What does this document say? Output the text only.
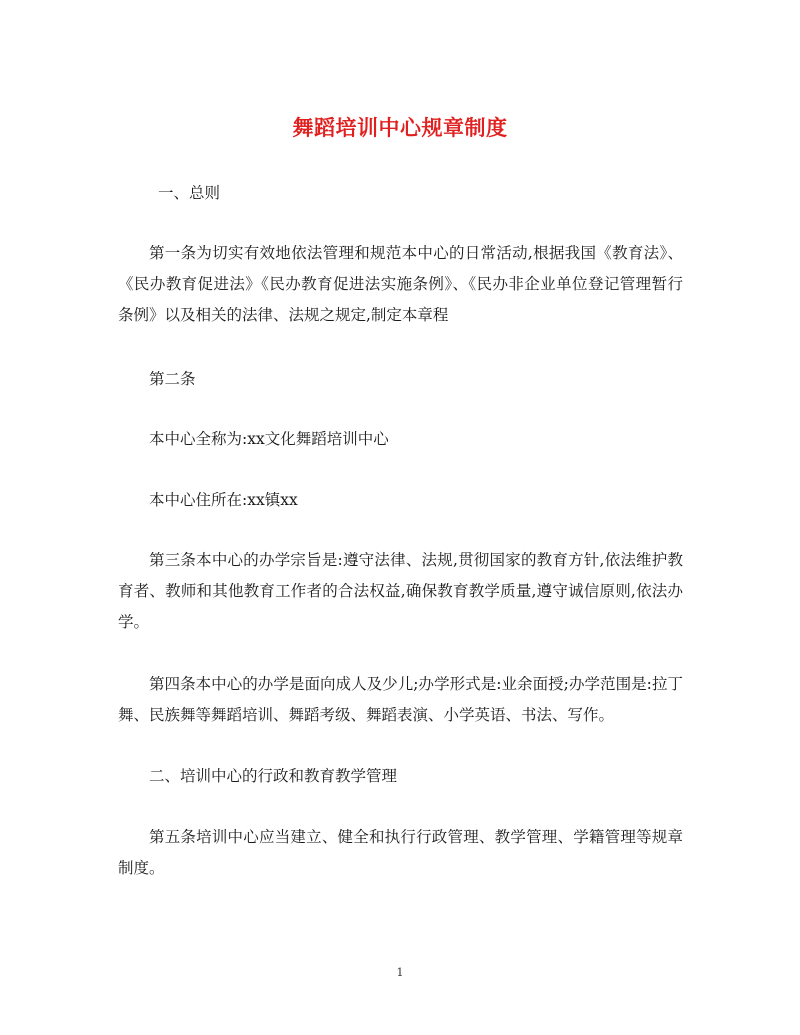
舞蹈培训中心规章制度

一、总则

第一条为切实有效地依法管理和规范本中心的日常活动,根据我国《教育法》、《民办教育促进法》《民办教育促进法实施条例》、《民办非企业单位登记管理暂行条例》以及相关的法律、法规之规定,制定本章程

第二条

本中心全称为:xx文化舞蹈培训中心

本中心住所在:xx镇xx

第三条本中心的办学宗旨是:遵守法律、法规,贯彻国家的教育方针,依法维护教育者、教师和其他教育工作者的合法权益,确保教育教学质量,遵守诚信原则,依法办学。

第四条本中心的办学是面向成人及少儿;办学形式是:业余面授;办学范围是:拉丁舞、民族舞等舞蹈培训、舞蹈考级、舞蹈表演、小学英语、书法、写作。

二、培训中心的行政和教育教学管理

第五条培训中心应当建立、健全和执行行政管理、教学管理、学籍管理等规章制度。

1
